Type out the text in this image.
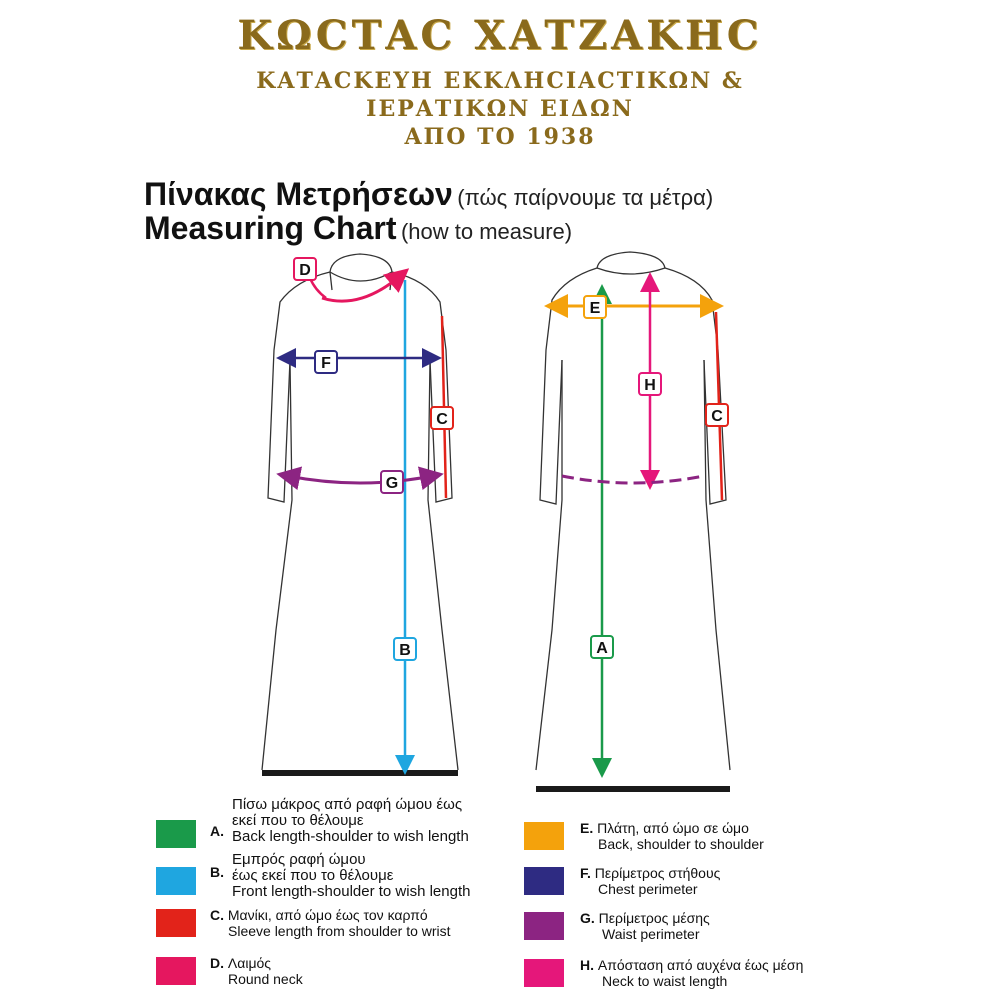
ΚΩCΤΑC ΧΑΤΖΑΚΗC
ΚΑΤΑCΚΕΥΗ ΕΚΚΛΗCΙΑCΤΙΚΩΝ &
ΙΕΡΑΤΙΚΩΝ ΕΙΔΩΝ
ΑΠΟ ΤΟ 1938
Πίνακας Μετρήσεων (πώς παίρνουμε τα μέτρα)
Measuring Chart (how to measure)
D
F
C
G
B
E
H
C
A
A.
Πίσω μάκρος από ραφή ώμου έως
εκεί που το θέλουμε
Back length-shoulder to wish length
B.
Εμπρός ραφή ώμου
έως εκεί που το θέλουμε
Front length-shoulder to wish length
C. Μανίκι, από ώμο έως τον καρπό
Sleeve length from shoulder to wrist
D. Λαιμός
Round neck
E. Πλάτη, από ώμο σε ώμο
Back, shoulder to shoulder
F. Περίμετρος στήθους
Chest perimeter
G. Περίμετρος μέσης
Waist perimeter
H. Απόσταση από αυχένα έως μέση
Neck to waist length
